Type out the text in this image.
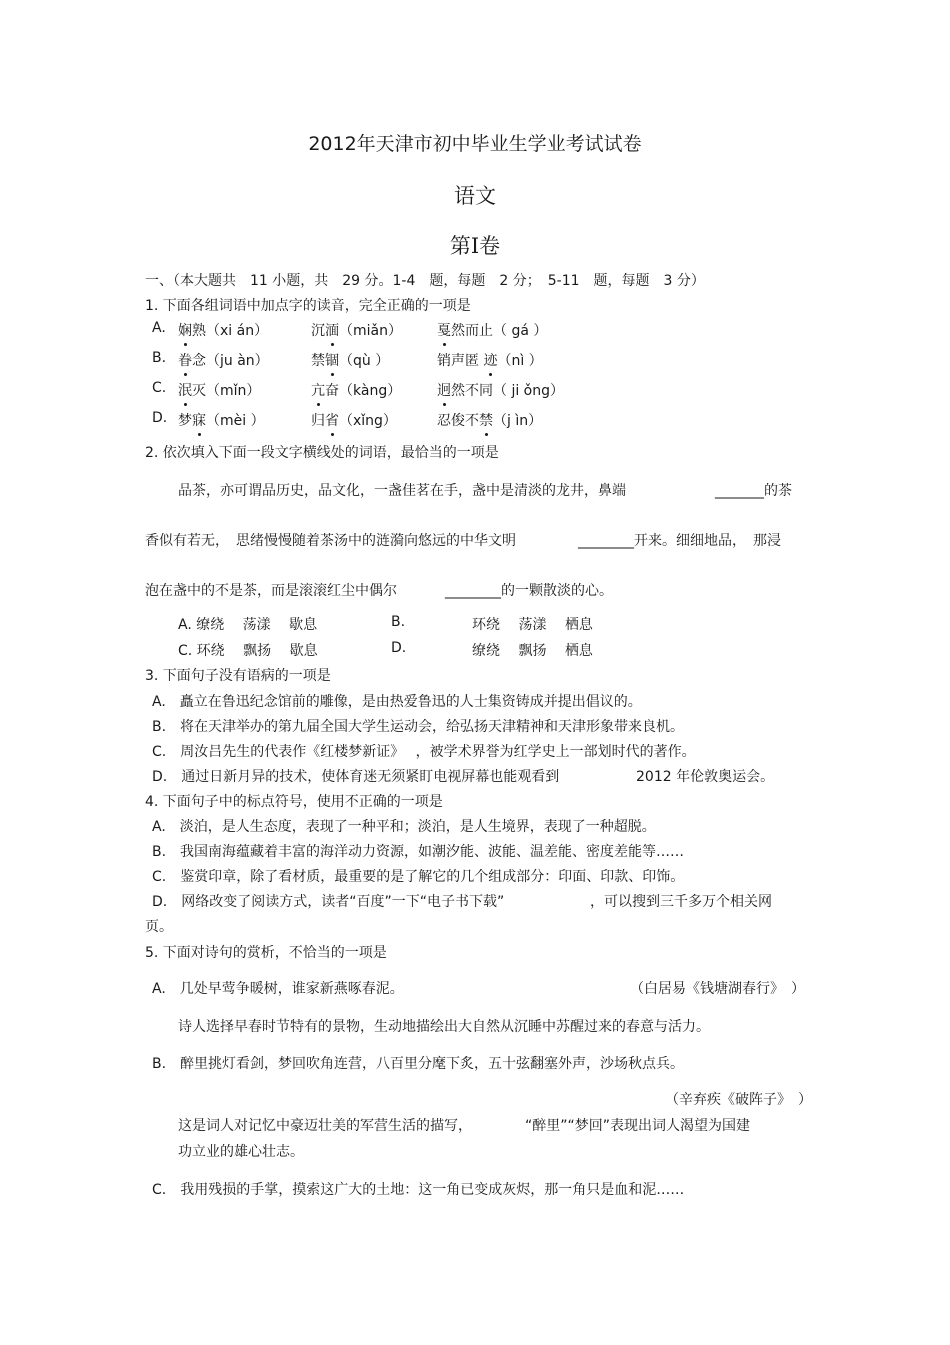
2012年天津市初中毕业生学业考试试卷
语文
第Ⅰ卷
一、（本大题共　11 小题，共　29 分。1-4　题，每题　2 分；　5-11　题，每题　3 分）
1. 下面各组词语中加点字的读音，完全正确的一项是
A. 娴熟（xi án）	沉湎（miǎn）	戛然而止（ gá ）
B. 眷念（ju àn）	禁锢（qù ）	销声匿 迹（nì ）
C. 泯灭（mǐn）	亢奋（kàng）	迥然不同（ ji ǒng）
D. 梦寐（mèi ）	归省（xǐng）	忍俊不禁（j ìn）
2. 依次填入下面一段文字横线处的词语，最恰当的一项是
品茶，亦可谓品历史，品文化，一盏佳茗在手，盏中是清淡的龙井，鼻端	_______的茶
香似有若无，　思绪慢慢随着茶汤中的涟漪向悠远的中华文明	________开来。细细地品，　那浸
泡在盏中的不是茶，而是滚滚红尘中偶尔	________的一颗散淡的心。
A. 缭绕　 荡漾　 歇息	B.	环绕　 荡漾　 栖息
C. 环绕　 飘扬　 歇息	D.	缭绕　 飘扬　 栖息
3. 下面句子没有语病的一项是
A.　矗立在鲁迅纪念馆前的雕像，是由热爱鲁迅的人士集资铸成并提出倡议的。
B.　将在天津举办的第九届全国大学生运动会，给弘扬天津精神和天津形象带来良机。
C.　周汝吕先生的代表作《红楼梦新证》　 ，被学术界誉为红学史上一部划时代的著作。
D.　通过日新月异的技术，使体育迷无须紧盯电视屏幕也能观看到	2012 年伦敦奥运会。
4. 下面句子中的标点符号，使用不正确的一项是
A.　淡泊，是人生态度，表现了一种平和；淡泊，是人生境界，表现了一种超脱。
B.　我国南海蕴藏着丰富的海洋动力资源，如潮汐能、波能、温差能、密度差能等……
C.　鉴赏印章，除了看材质，最重要的是了解它的几个组成部分：印面、印款、印饰。
D.　网络改变了阅读方式，读者“百度”一下“电子书下载”	，可以搜到三千多万个相关网
页。
5. 下面对诗句的赏析，不恰当的一项是
A.　几处早莺争暖树，谁家新燕啄春泥。	（白居易《钱塘湖春行》　）
诗人选择早春时节特有的景物，生动地描绘出大自然从沉睡中苏醒过来的春意与活力。
B.　醉里挑灯看剑，梦回吹角连营，八百里分麾下炙，五十弦翻塞外声，沙场秋点兵。
（辛弃疾《破阵子》　）
这是词人对记忆中豪迈壮美的军营生活的描写，	“醉里”“梦回”表现出词人渴望为国建
功立业的雄心壮志。
C.　我用残损的手掌，摸索这广大的土地：这一角已变成灰烬，那一角只是血和泥……
